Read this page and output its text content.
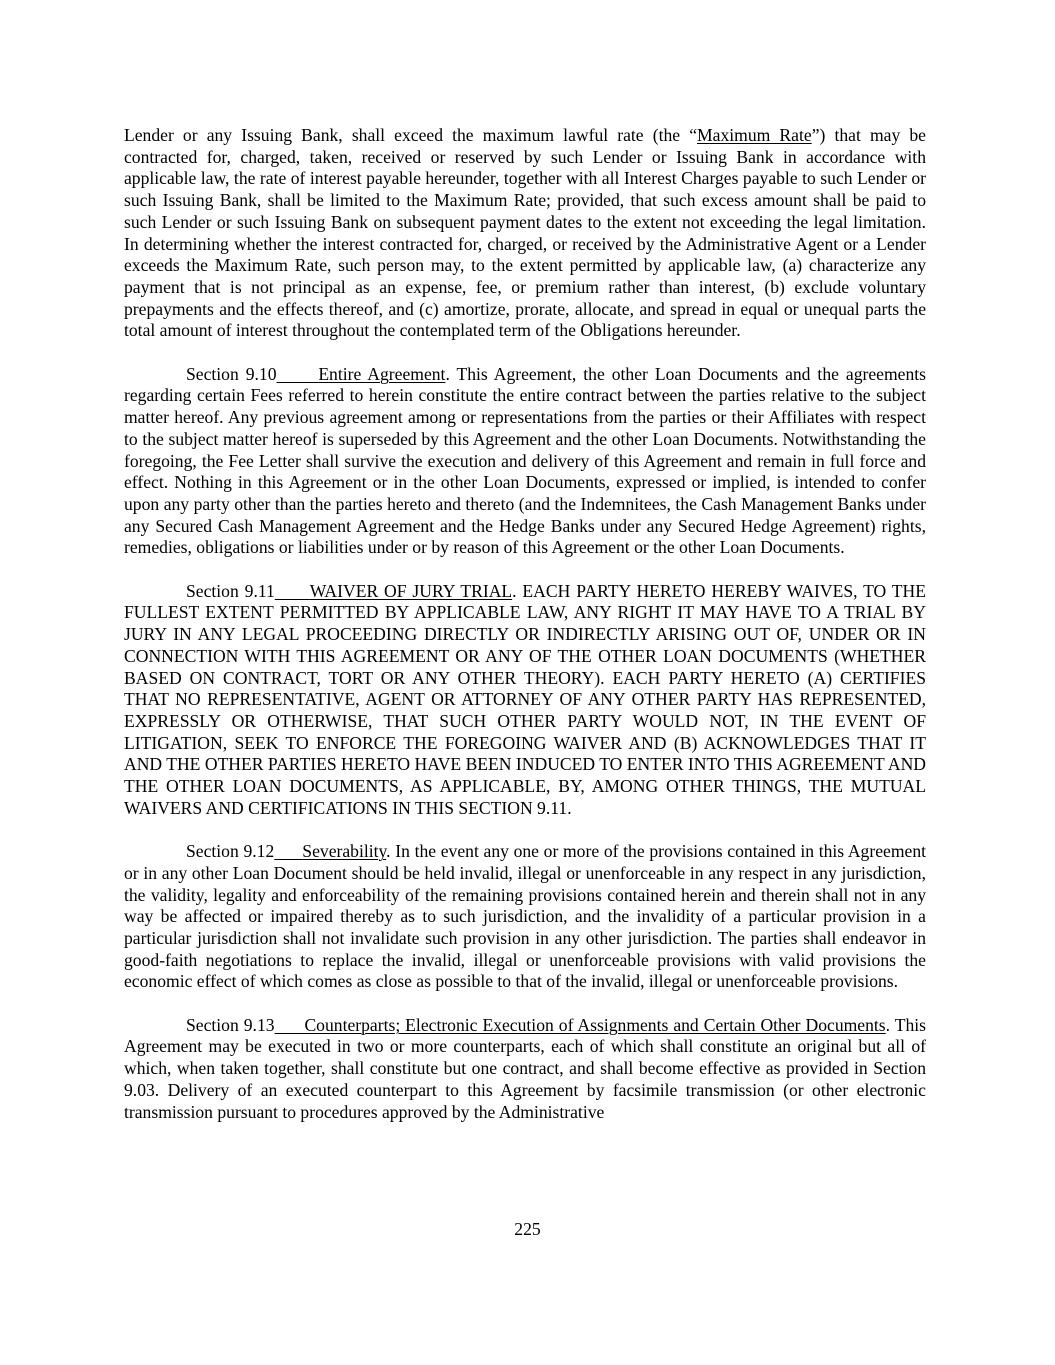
Lender or any Issuing Bank, shall exceed the maximum lawful rate (the “Maximum Rate”) that may be contracted for, charged, taken, received or reserved by such Lender or Issuing Bank in accordance with applicable law, the rate of interest payable hereunder, together with all Interest Charges payable to such Lender or such Issuing Bank, shall be limited to the Maximum Rate; provided, that such excess amount shall be paid to such Lender or such Issuing Bank on subsequent payment dates to the extent not exceeding the legal limitation. In determining whether the interest contracted for, charged, or received by the Administrative Agent or a Lender exceeds the Maximum Rate, such person may, to the extent permitted by applicable law, (a) characterize any payment that is not principal as an expense, fee, or premium rather than interest, (b) exclude voluntary prepayments and the effects thereof, and (c) amortize, prorate, allocate, and spread in equal or unequal parts the total amount of interest throughout the contemplated term of the Obligations hereunder.

Section 9.10 Entire Agreement. This Agreement, the other Loan Documents and the agreements regarding certain Fees referred to herein constitute the entire contract between the parties relative to the subject matter hereof. Any previous agreement among or representations from the parties or their Affiliates with respect to the subject matter hereof is superseded by this Agreement and the other Loan Documents. Notwithstanding the foregoing, the Fee Letter shall survive the execution and delivery of this Agreement and remain in full force and effect. Nothing in this Agreement or in the other Loan Documents, expressed or implied, is intended to confer upon any party other than the parties hereto and thereto (and the Indemnitees, the Cash Management Banks under any Secured Cash Management Agreement and the Hedge Banks under any Secured Hedge Agreement) rights, remedies, obligations or liabilities under or by reason of this Agreement or the other Loan Documents.

Section 9.11 WAIVER OF JURY TRIAL. EACH PARTY HERETO HEREBY WAIVES, TO THE FULLEST EXTENT PERMITTED BY APPLICABLE LAW, ANY RIGHT IT MAY HAVE TO A TRIAL BY JURY IN ANY LEGAL PROCEEDING DIRECTLY OR INDIRECTLY ARISING OUT OF, UNDER OR IN CONNECTION WITH THIS AGREEMENT OR ANY OF THE OTHER LOAN DOCUMENTS (WHETHER BASED ON CONTRACT, TORT OR ANY OTHER THEORY). EACH PARTY HERETO (A) CERTIFIES THAT NO REPRESENTATIVE, AGENT OR ATTORNEY OF ANY OTHER PARTY HAS REPRESENTED, EXPRESSLY OR OTHERWISE, THAT SUCH OTHER PARTY WOULD NOT, IN THE EVENT OF LITIGATION, SEEK TO ENFORCE THE FOREGOING WAIVER AND (B) ACKNOWLEDGES THAT IT AND THE OTHER PARTIES HERETO HAVE BEEN INDUCED TO ENTER INTO THIS AGREEMENT AND THE OTHER LOAN DOCUMENTS, AS APPLICABLE, BY, AMONG OTHER THINGS, THE MUTUAL WAIVERS AND CERTIFICATIONS IN THIS SECTION 9.11.

Section 9.12 Severability. In the event any one or more of the provisions contained in this Agreement or in any other Loan Document should be held invalid, illegal or unenforceable in any respect in any jurisdiction, the validity, legality and enforceability of the remaining provisions contained herein and therein shall not in any way be affected or impaired thereby as to such jurisdiction, and the invalidity of a particular provision in a particular jurisdiction shall not invalidate such provision in any other jurisdiction. The parties shall endeavor in good-faith negotiations to replace the invalid, illegal or unenforceable provisions with valid provisions the economic effect of which comes as close as possible to that of the invalid, illegal or unenforceable provisions.

Section 9.13 Counterparts; Electronic Execution of Assignments and Certain Other Documents. This Agreement may be executed in two or more counterparts, each of which shall constitute an original but all of which, when taken together, shall constitute but one contract, and shall become effective as provided in Section 9.03. Delivery of an executed counterpart to this Agreement by facsimile transmission (or other electronic transmission pursuant to procedures approved by the Administrative

225
